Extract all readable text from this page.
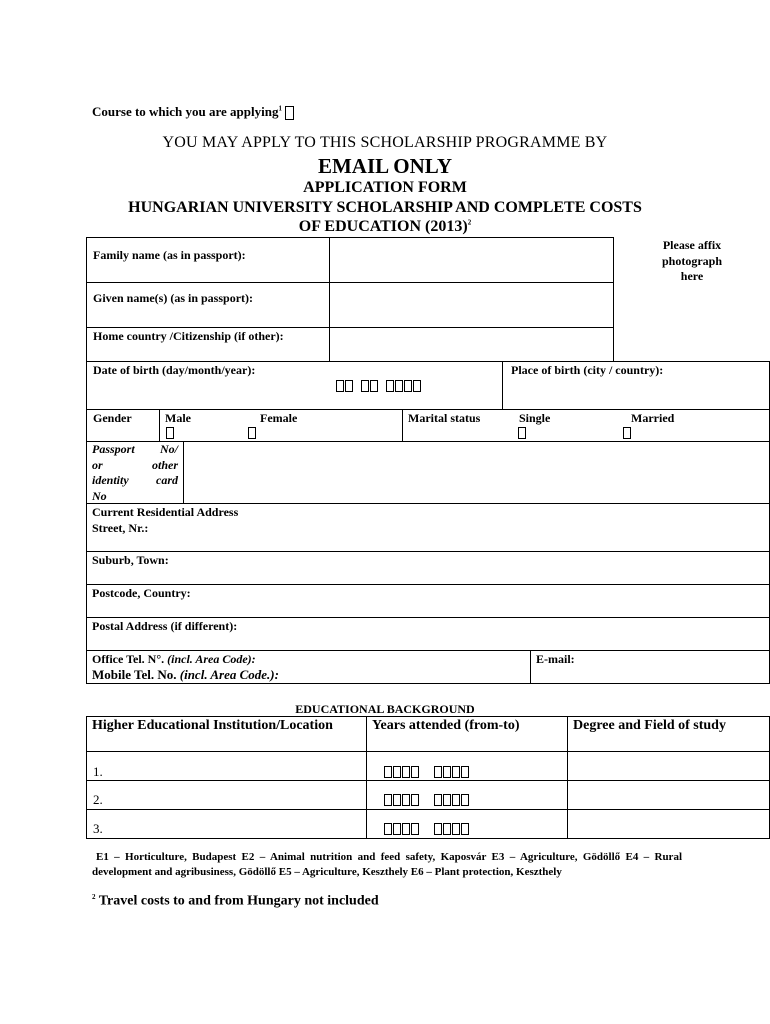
Course to which you are applying$^1$
YOU MAY APPLY TO THIS SCHOLARSHIP PROGRAMME BY
EMAIL ONLY
APPLICATION FORM
HUNGARIAN UNIVERSITY SCHOLARSHIP AND COMPLETE COSTS
OF EDUCATION $(2013)^2$
Please affix
photograph
here
Family name (as in passport):
Given name(s) (as in passport):
Home country /Citizenship (if other):
Date of birth (day/month/year):	Place of birth (city / country):
Gender	Male	Female	Marital status	Single	Married
Passport No/
or other
identity card
No
Current Residential Address
Street, Nr.:
Suburb, Town:
Postcode, Country:
Postal Address (if different):
Office Tel. N°. (incl. Area Code):
Mobile Tel. No. (incl. Area Code.):
E-mail:
EDUCATIONAL BACKGROUND
Higher Educational Institution/Location	Years attended (from-to)	Degree and Field of study
1.
2.
3.
E1 – Horticulture, Budapest E2 – Animal nutrition and feed safety, Kaposvár E3 – Agriculture, Gödöllő E4 – Rural development and agribusiness, Gödöllő E5 – Agriculture, Keszthely E6 – Plant protection, Keszthely
$^2$ Travel costs to and from Hungary not included
